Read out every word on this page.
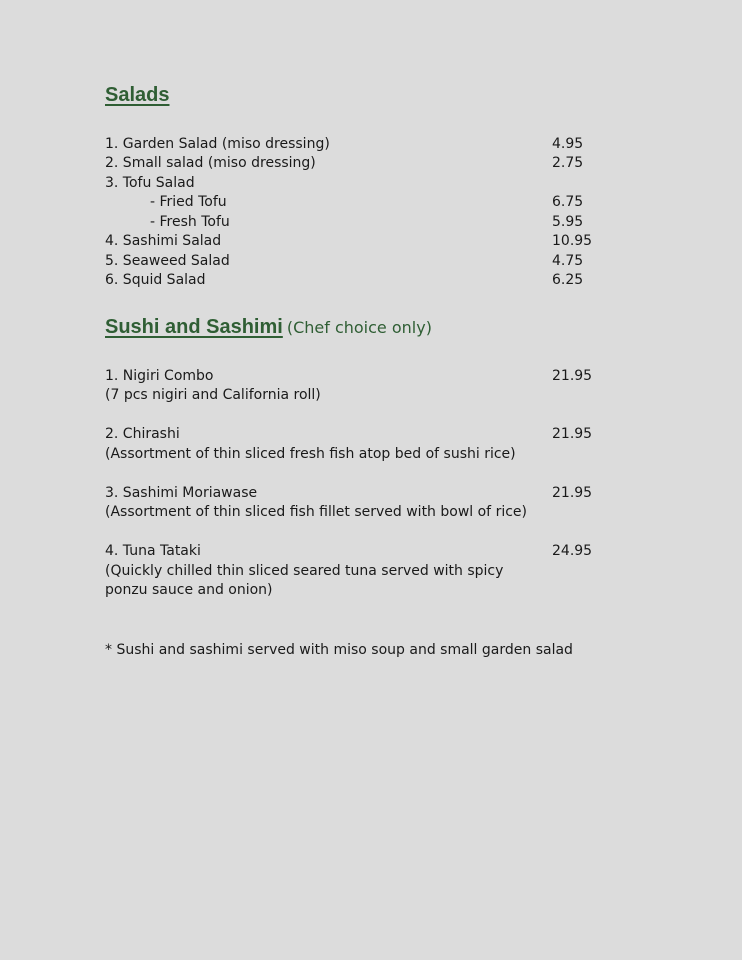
Salads
1. Garden Salad (miso dressing)	4.95
2. Small salad (miso dressing)	2.75
3. Tofu Salad
- Fried Tofu	6.75
- Fresh Tofu	5.95
4. Sashimi Salad	10.95
5. Seaweed Salad	4.75
6. Squid Salad	6.25
Sushi and Sashimi (Chef choice only)
1. Nigiri Combo	21.95
(7 pcs nigiri and California roll)
2. Chirashi	21.95
(Assortment of thin sliced fresh fish atop bed of sushi rice)
3. Sashimi Moriawase	21.95
(Assortment of thin sliced fish fillet served with bowl of rice)
4. Tuna Tataki	24.95
(Quickly chilled thin sliced seared tuna served with spicy
ponzu sauce and onion)
* Sushi and sashimi served with miso soup and small garden salad
